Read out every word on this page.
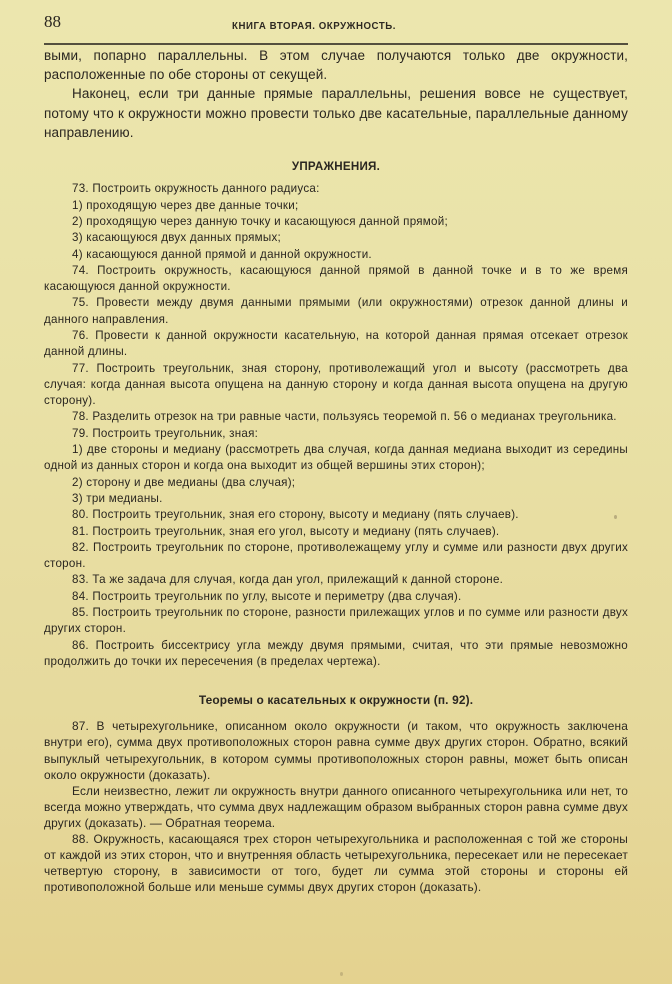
88	КНИГА ВТОРАЯ. ОКРУЖНОСТЬ.

выми, попарно параллельны. В этом случае получаются только две окружности, расположенные по обе стороны от секущей.

Наконец, если три данные прямые параллельны, решения вовсе не существует, потому что к окружности можно провести только две касательные, параллельные данному направлению.

УПРАЖНЕНИЯ.

73. Построить окружность данного радиуса:

1) проходящую через две данные точки;

2) проходящую через данную точку и касающуюся данной прямой;

3) касающуюся двух данных прямых;

4) касающуюся данной прямой и данной окружности.

74. Построить окружность, касающуюся данной прямой в данной точке и в то же время касающуюся данной окружности.

75. Провести между двумя данными прямыми (или окружностями) отрезок данной длины и данного направления.

76. Провести к данной окружности касательную, на которой данная прямая отсекает отрезок данной длины.

77. Построить треугольник, зная сторону, противолежащий угол и высоту (рассмотреть два случая: когда данная высота опущена на данную сторону и когда данная высота опущена на другую сторону).

78. Разделить отрезок на три равные части, пользуясь теоремой п. 56 о медианах треугольника.

79. Построить треугольник, зная:

1) две стороны и медиану (рассмотреть два случая, когда данная медиана выходит из середины одной из данных сторон и когда она выходит из общей вершины этих сторон);

2) сторону и две медианы (два случая);

3) три медианы.

80. Построить треугольник, зная его сторону, высоту и медиану (пять случаев).

81. Построить треугольник, зная его угол, высоту и медиану (пять случаев).

82. Построить треугольник по стороне, противолежащему углу и сумме или разности двух других сторон.

83. Та же задача для случая, когда дан угол, прилежащий к данной стороне.

84. Построить треугольник по углу, высоте и периметру (два случая).

85. Построить треугольник по стороне, разности прилежащих углов и по сумме или разности двух других сторон.

86. Построить биссектрису угла между двумя прямыми, считая, что эти прямые невозможно продолжить до точки их пересечения (в пределах чертежа).

Теоремы о касательных к окружности (п. 92).

87. В четырехугольнике, описанном около окружности (и таком, что окружность заключена внутри его), сумма двух противоположных сторон равна сумме двух других сторон. Обратно, всякий выпуклый четырехугольник, в котором суммы противоположных сторон равны, может быть описан около окружности (доказать).

Если неизвестно, лежит ли окружность внутри данного описанного четырехугольника или нет, то всегда можно утверждать, что сумма двух надлежащим образом выбранных сторон равна сумме двух других (доказать). — Обратная теорема.

88. Окружность, касающаяся трех сторон четырехугольника и расположенная с той же стороны от каждой из этих сторон, что и внутренняя область четырехугольника, пересекает или не пересекает четвертую сторону, в зависимости от того, будет ли сумма этой стороны и стороны ей противоположной больше или меньше суммы двух других сторон (доказать).
